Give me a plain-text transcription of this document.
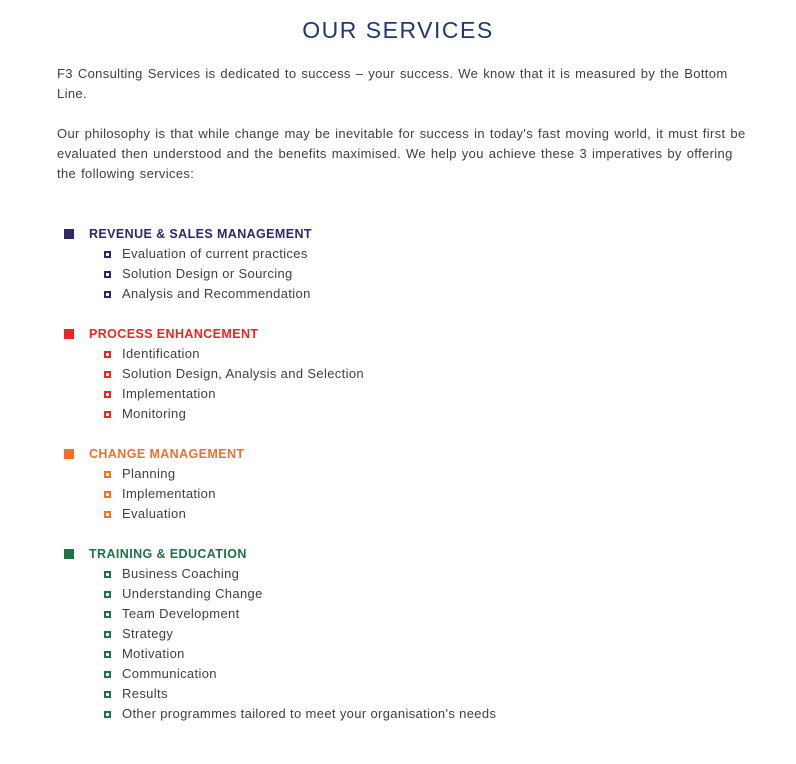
OUR SERVICES

F3 Consulting Services is dedicated to success – your success. We know that it is measured by the Bottom Line.

Our philosophy is that while change may be inevitable for success in today's fast moving world, it must first be evaluated then understood and the benefits maximised. We help you achieve these 3 imperatives by offering the following services:

REVENUE & SALES MANAGEMENT
Evaluation of current practices
Solution Design or Sourcing
Analysis and Recommendation
PROCESS ENHANCEMENT
Identification
Solution Design, Analysis and Selection
Implementation
Monitoring
CHANGE MANAGEMENT
Planning
Implementation
Evaluation
TRAINING & EDUCATION
Business Coaching
Understanding Change
Team Development
Strategy
Motivation
Communication
Results
Other programmes tailored to meet your organisation's needs
